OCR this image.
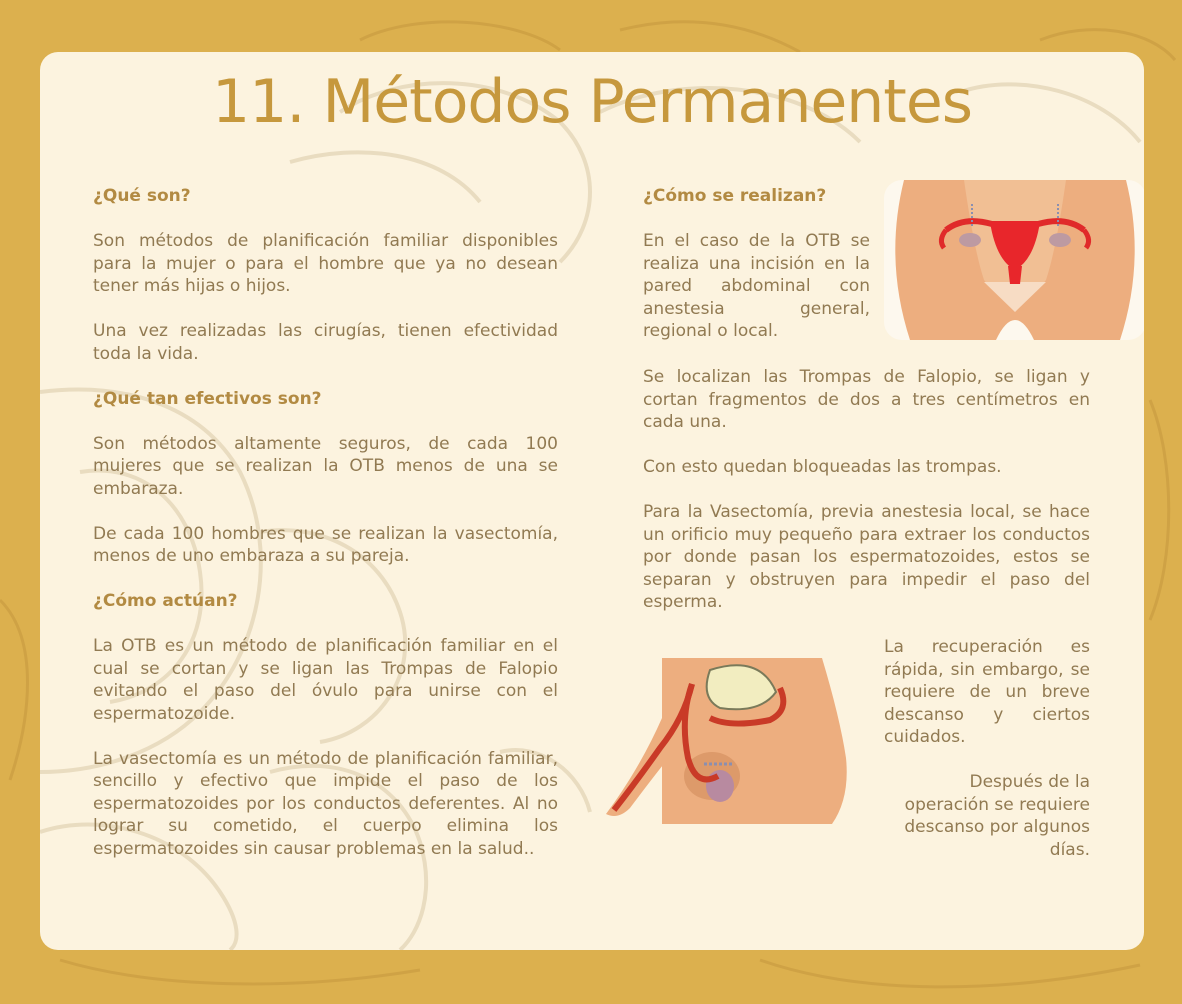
11. Métodos Permanentes
¿Qué son?

Son métodos de planificación familiar disponibles para la mujer o para el hombre que ya no desean tener más hijas o hijos.

Una vez realizadas las cirugías, tienen efectividad toda la vida.

¿Qué tan efectivos son?

Son métodos altamente seguros, de cada 100 mujeres que se realizan la OTB menos de una se embaraza.

De cada 100 hombres que se realizan la vasectomía, menos de uno embaraza a su pareja.

¿Cómo actúan?

La OTB es un método de planificación familiar en el cual se cortan y se ligan las Trompas de Falopio evitando el paso del óvulo para unirse con el espermatozoide.

La vasectomía es un método de planificación familiar, sencillo y efectivo que impide el paso de los espermatozoides por los conductos deferentes. Al no lograr su cometido, el cuerpo elimina los espermatozoides sin causar problemas en la salud..

¿Cómo se realizan?

En el caso de la OTB se realiza una incisión en la pared abdominal con anestesia general, regional o local.

Se localizan las Trompas de Falopio, se ligan y cortan fragmentos de dos a tres centímetros en cada una.

Con esto quedan bloqueadas las trompas.

Para la Vasectomía, previa anestesia local, se hace un orificio muy pequeño para extraer los conductos por donde pasan los espermatozoides, estos se separan y obstruyen para impedir el paso del esperma.

La recuperación es rápida, sin embargo, se requiere de un breve descanso y ciertos cuidados.

Después de la operación se requiere descanso por algunos días.
